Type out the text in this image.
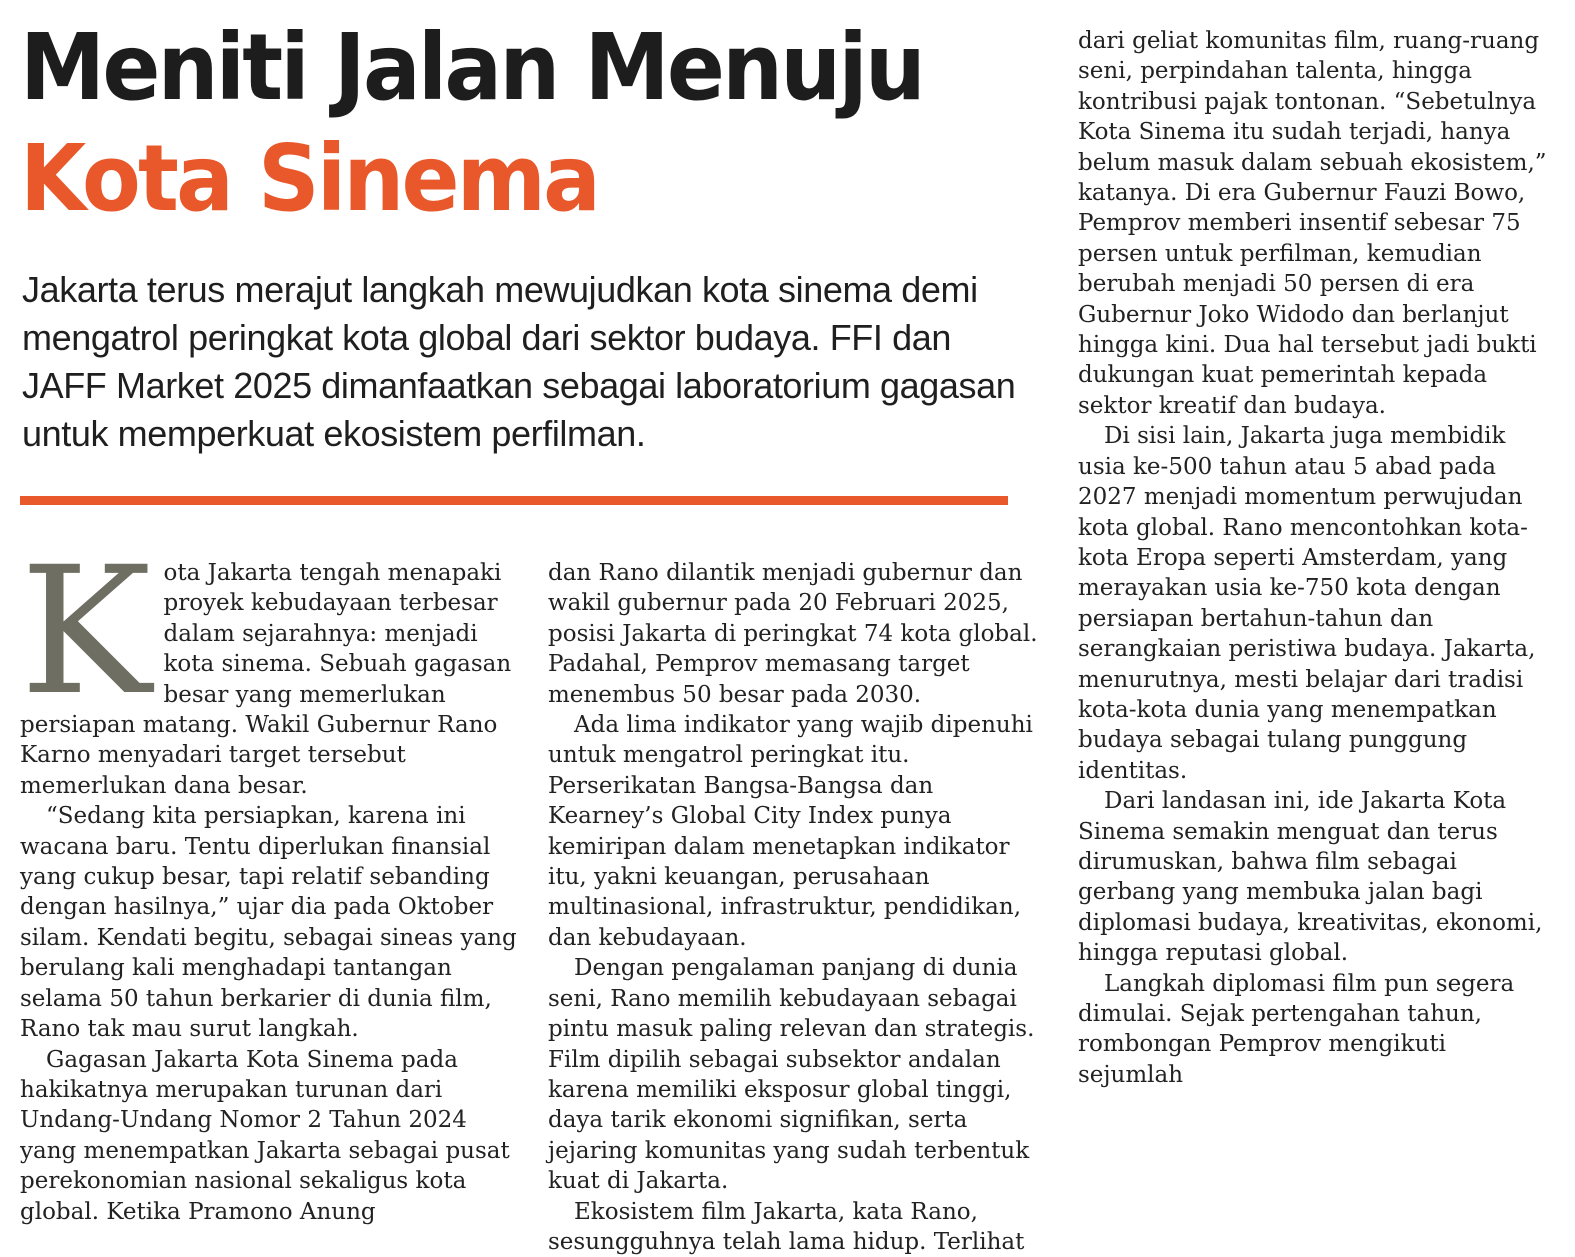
Meniti Jalan Menuju
Kota Sinema

Jakarta terus merajut langkah mewujudkan kota sinema demi mengatrol peringkat kota global dari sektor budaya. FFI dan JAFF Market 2025 dimanfaatkan sebagai laboratorium gagasan untuk memperkuat ekosistem perfilman.

K ota Jakarta tengah menapaki proyek kebudayaan terbesar dalam sejarahnya: menjadi kota sinema. Sebuah gagasan besar yang memerlukan persiapan matang. Wakil Gubernur Rano Karno menyadari target tersebut memerlukan dana besar.

“Sedang kita persiapkan, karena ini wacana baru. Tentu diperlukan finansial yang cukup besar, tapi relatif sebanding dengan hasilnya,” ujar dia pada Oktober silam. Kendati begitu, sebagai sineas yang berulang kali menghadapi tantangan selama 50 tahun berkarier di dunia film, Rano tak mau surut langkah.

Gagasan Jakarta Kota Sinema pada hakikatnya merupakan turunan dari Undang-Undang Nomor 2 Tahun 2024 yang menempatkan Jakarta sebagai pusat perekonomian nasional sekaligus kota global. Ketika Pramono Anung

dan Rano dilantik menjadi gubernur dan wakil gubernur pada 20 Februari 2025, posisi Jakarta di peringkat 74 kota global. Padahal, Pemprov memasang target menembus 50 besar pada 2030.

Ada lima indikator yang wajib dipenuhi untuk mengatrol peringkat itu. Perserikatan Bangsa-Bangsa dan Kearney’s Global City Index punya kemiripan dalam menetapkan indikator itu, yakni keuangan, perusahaan multinasional, infrastruktur, pendidikan, dan kebudayaan.

Dengan pengalaman panjang di dunia seni, Rano memilih kebudayaan sebagai pintu masuk paling relevan dan strategis. Film dipilih sebagai subsektor andalan karena memiliki eksposur global tinggi, daya tarik ekonomi signifikan, serta jejaring komunitas yang sudah terbentuk kuat di Jakarta.

Ekosistem film Jakarta, kata Rano, sesungguhnya telah lama hidup. Terlihat

dari geliat komunitas film, ruang-ruang seni, perpindahan talenta, hingga kontribusi pajak tontonan. “Sebetulnya Kota Sinema itu sudah terjadi, hanya belum masuk dalam sebuah ekosistem,” katanya. Di era Gubernur Fauzi Bowo, Pemprov memberi insentif sebesar 75 persen untuk perfilman, kemudian berubah menjadi 50 persen di era Gubernur Joko Widodo dan berlanjut hingga kini. Dua hal tersebut jadi bukti dukungan kuat pemerintah kepada sektor kreatif dan budaya.

Di sisi lain, Jakarta juga membidik usia ke-500 tahun atau 5 abad pada 2027 menjadi momentum perwujudan kota global. Rano mencontohkan kota-kota Eropa seperti Amsterdam, yang merayakan usia ke-750 kota dengan persiapan bertahun-tahun dan serangkaian peristiwa budaya. Jakarta, menurutnya, mesti belajar dari tradisi kota-kota dunia yang menempatkan budaya sebagai tulang punggung identitas.

Dari landasan ini, ide Jakarta Kota Sinema semakin menguat dan terus dirumuskan, bahwa film sebagai gerbang yang membuka jalan bagi diplomasi budaya, kreativitas, ekonomi, hingga reputasi global.

Langkah diplomasi film pun segera dimulai. Sejak pertengahan tahun, rombongan Pemprov mengikuti sejumlah
